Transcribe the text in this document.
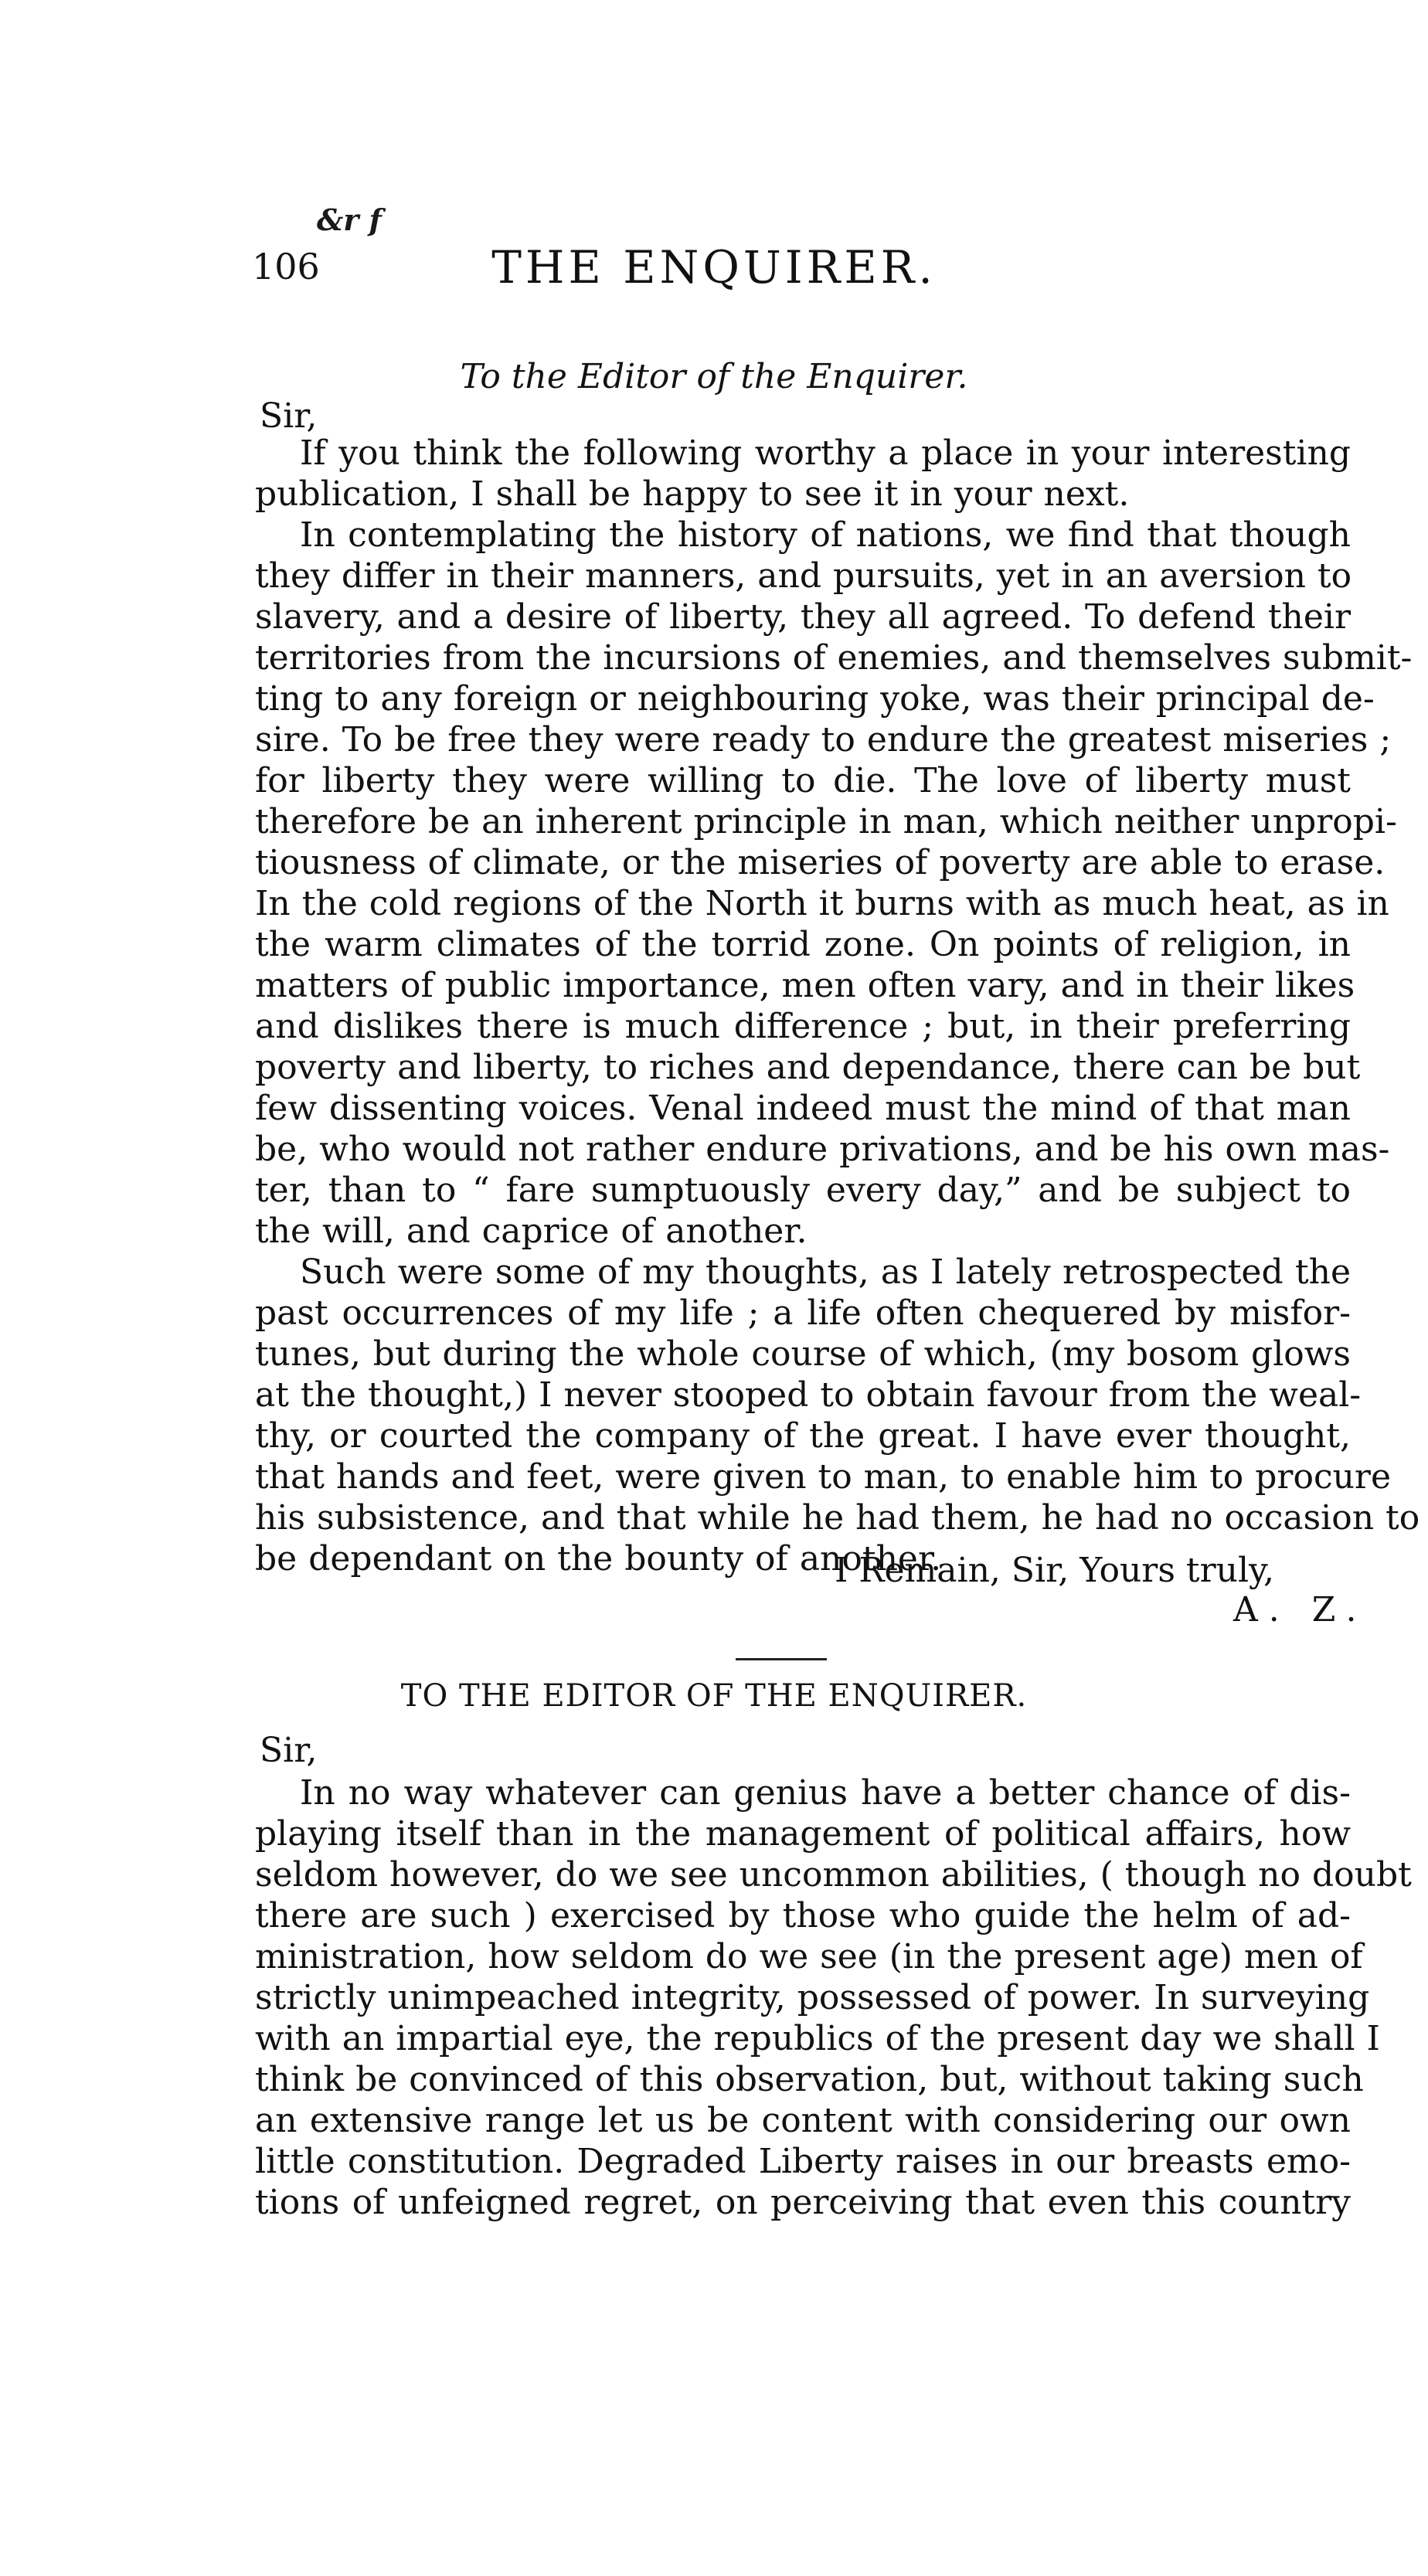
&r f
106	THE ENQUIRER.
To the Editor of the Enquirer.
Sir,
If you think the following worthy a place in your interesting
publication, I shall be happy to see it in your next.
In contemplating the history of nations, we find that though
they differ in their manners, and pursuits, yet in an aversion to
slavery, and a desire of liberty, they all agreed. To defend their
territories from the incursions of enemies, and themselves submit-
ting to any foreign or neighbouring yoke, was their principal de-
sire. To be free they were ready to endure the greatest miseries ;
for liberty they were willing to die. The love of liberty must
therefore be an inherent principle in man, which neither unpropi-
tiousness of climate, or the miseries of poverty are able to erase.
In the cold regions of the North it burns with as much heat, as in
the warm climates of the torrid zone. On points of religion, in
matters of public importance, men often vary, and in their likes
and dislikes there is much difference ; but, in their preferring
poverty and liberty, to riches and dependance, there can be but
few dissenting voices. Venal indeed must the mind of that man
be, who would not rather endure privations, and be his own mas-
ter, than to “ fare sumptuously every day,” and be subject to
the will, and caprice of another.
Such were some of my thoughts, as I lately retrospected the
past occurrences of my life ; a life often chequered by misfor-
tunes, but during the whole course of which, (my bosom glows
at the thought,) I never stooped to obtain favour from the weal-
thy, or courted the company of the great. I have ever thought,
that hands and feet, were given to man, to enable him to procure
his subsistence, and that while he had them, he had no occasion to
be dependant on the bounty of another.
I Remain, Sir, Yours truly,
A. Z.
TO THE EDITOR OF THE ENQUIRER.
Sir,
In no way whatever can genius have a better chance of dis-
playing itself than in the management of political affairs, how
seldom however, do we see uncommon abilities, ( though no doubt
there are such ) exercised by those who guide the helm of ad-
ministration, how seldom do we see (in the present age) men of
strictly unimpeached integrity, possessed of power. In surveying
with an impartial eye, the republics of the present day we shall I
think be convinced of this observation, but, without taking such
an extensive range let us be content with considering our own
little constitution. Degraded Liberty raises in our breasts emo-
tions of unfeigned regret, on perceiving that even this country
